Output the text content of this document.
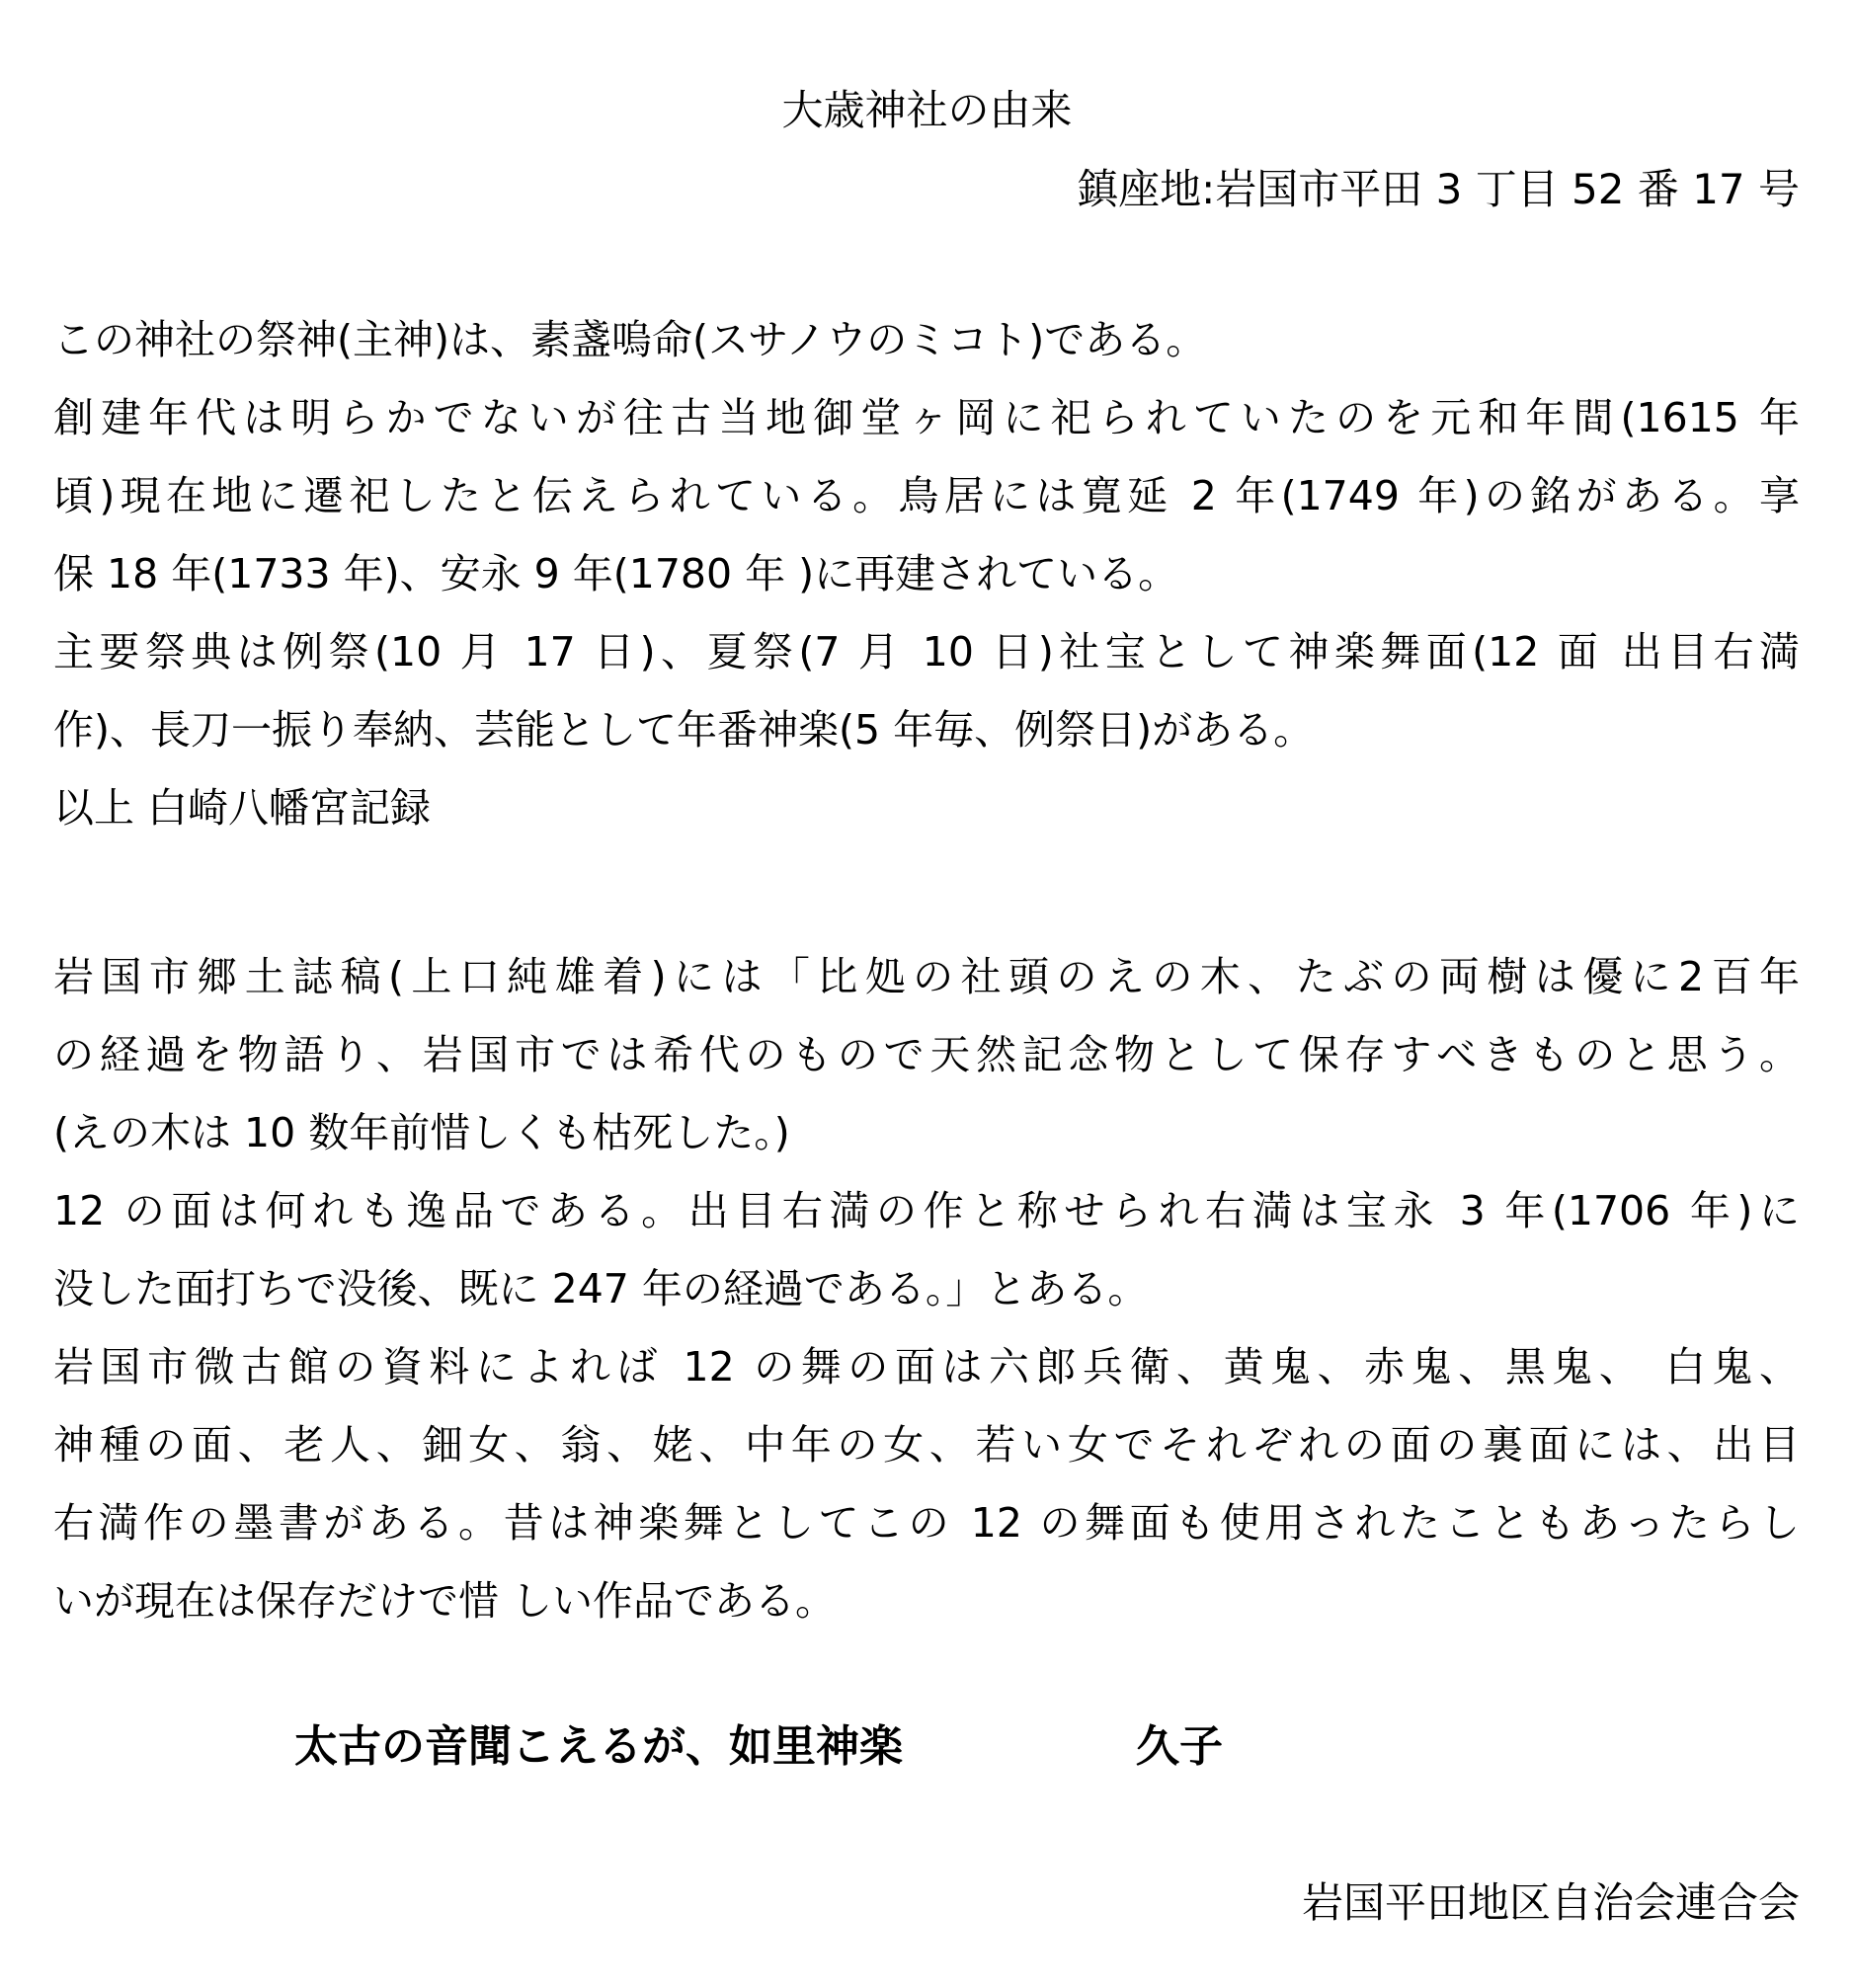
大歳神社の由来
鎮座地:岩国市平田 3 丁目 52 番 17 号
この神社の祭神(主神)は、素盞嗚命(スサノウのミコト)である。
創建年代は明らかでないが往古当地御堂ヶ岡に祀られていたのを元和年間(1615 年
頃)現在地に遷祀したと伝えられている。鳥居には寛延 2 年(1749 年)の銘がある。享
保 18 年(1733 年)、安永 9 年(1780 年 )に再建されている。
主要祭典は例祭(10 月 17 日)、夏祭(7 月 10 日)社宝として神楽舞面(12 面 出目右満
作)、長刀一振り奉納、芸能として年番神楽(5 年毎、例祭日)がある。
以上 白崎八幡宮記録
岩国市郷土誌稿(上口純雄着)には「比処の社頭のえの木、たぶの両樹は優に2百年
の経過を物語り、岩国市では希代のもので天然記念物として保存すべきものと思う。
(えの木は 10 数年前惜しくも枯死した。)
12 の面は何れも逸品である。出目右満の作と称せられ右満は宝永 3 年(1706 年)に
没した面打ちで没後、既に 247 年の経過である。」とある。
岩国市微古館の資料によれば 12 の舞の面は六郎兵衛、黄鬼、赤鬼、黒鬼、 白鬼、
神種の面、老人、鈿女、翁、姥、中年の女、若い女でそれぞれの面の裏面には、出目
右満作の墨書がある。昔は神楽舞としてこの 12 の舞面も使用されたこともあったらし
いが現在は保存だけで惜 しい作品である。
太古の音聞こえるが、如里神楽	久子
岩国平田地区自治会連合会
